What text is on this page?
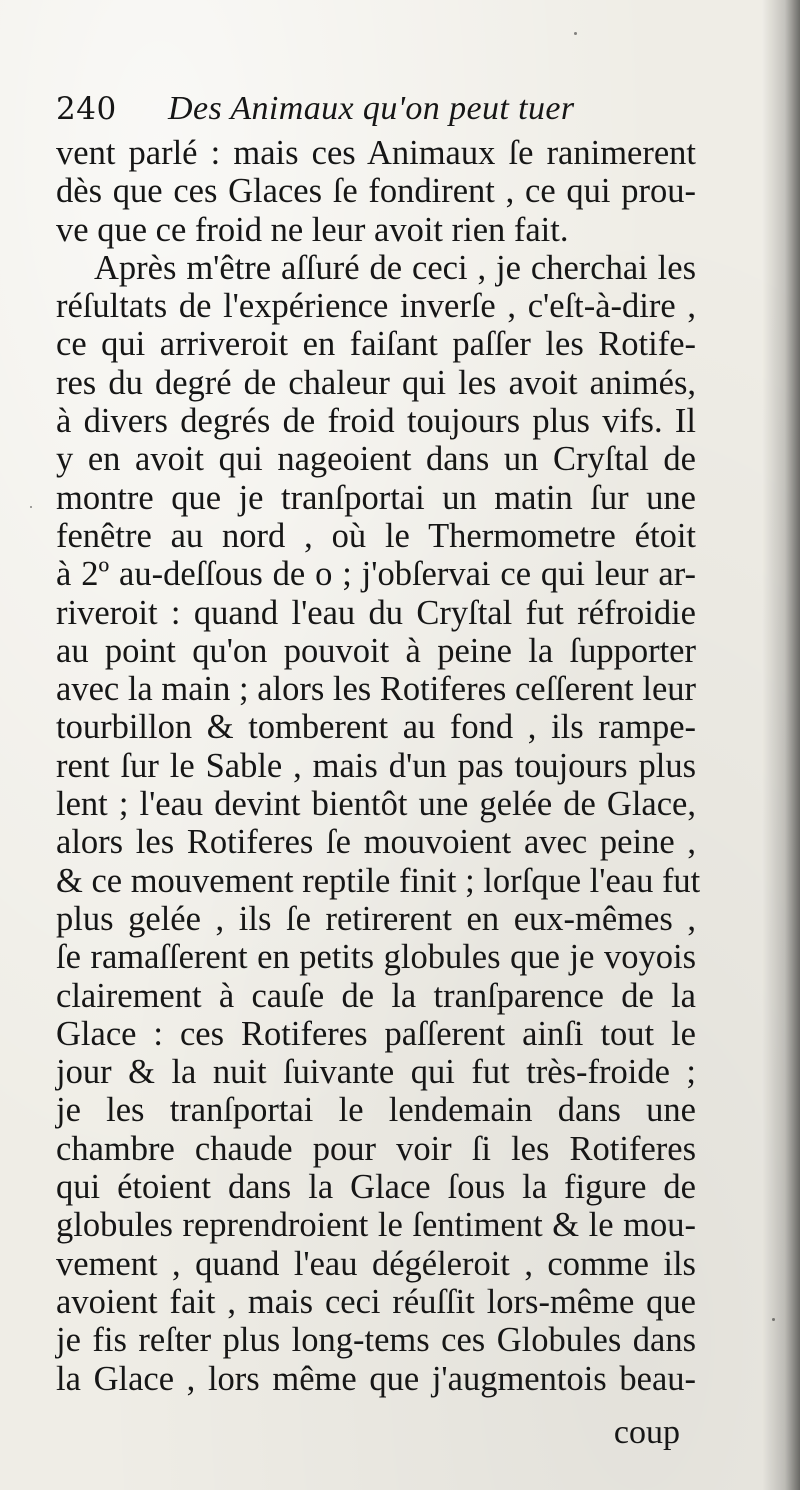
240	Des Animaux qu'on peut tuer
vent parlé : mais ces Animaux ſe ranimerent
dès que ces Glaces ſe fondirent , ce qui prou-
ve que ce froid ne leur avoit rien fait.
Après m'être aſſuré de ceci , je cherchai les
réſultats de l'expérience inverſe , c'eſt-à-dire ,
ce qui arriveroit en faiſant paſſer les Rotife-
res du degré de chaleur qui les avoit animés,
à divers degrés de froid toujours plus vifs. Il
y en avoit qui nageoient dans un Cryſtal de
montre que je tranſportai un matin ſur une
fenêtre au nord , où le Thermometre étoit
à 2º au-deſſous de o ; j'obſervai ce qui leur ar-
riveroit : quand l'eau du Cryſtal fut réfroidie
au point qu'on pouvoit à peine la ſupporter
avec la main ; alors les Rotiferes ceſſerent leur
tourbillon & tomberent au fond , ils rampe-
rent ſur le Sable , mais d'un pas toujours plus
lent ; l'eau devint bientôt une gelée de Glace,
alors les Rotiferes ſe mouvoient avec peine ,
& ce mouvement reptile finit ; lorſque l'eau fut
plus gelée , ils ſe retirerent en eux-mêmes ,
ſe ramaſſerent en petits globules que je voyois
clairement à cauſe de la tranſparence de la
Glace : ces Rotiferes paſſerent ainſi tout le
jour & la nuit ſuivante qui fut très-froide ;
je les tranſportai le lendemain dans une
chambre chaude pour voir ſi les Rotiferes
qui étoient dans la Glace ſous la figure de
globules reprendroient le ſentiment & le mou-
vement , quand l'eau dégéleroit , comme ils
avoient fait , mais ceci réuſſit lors-même que
je fis reſter plus long-tems ces Globules dans
la Glace , lors même que j'augmentois beau-
coup
